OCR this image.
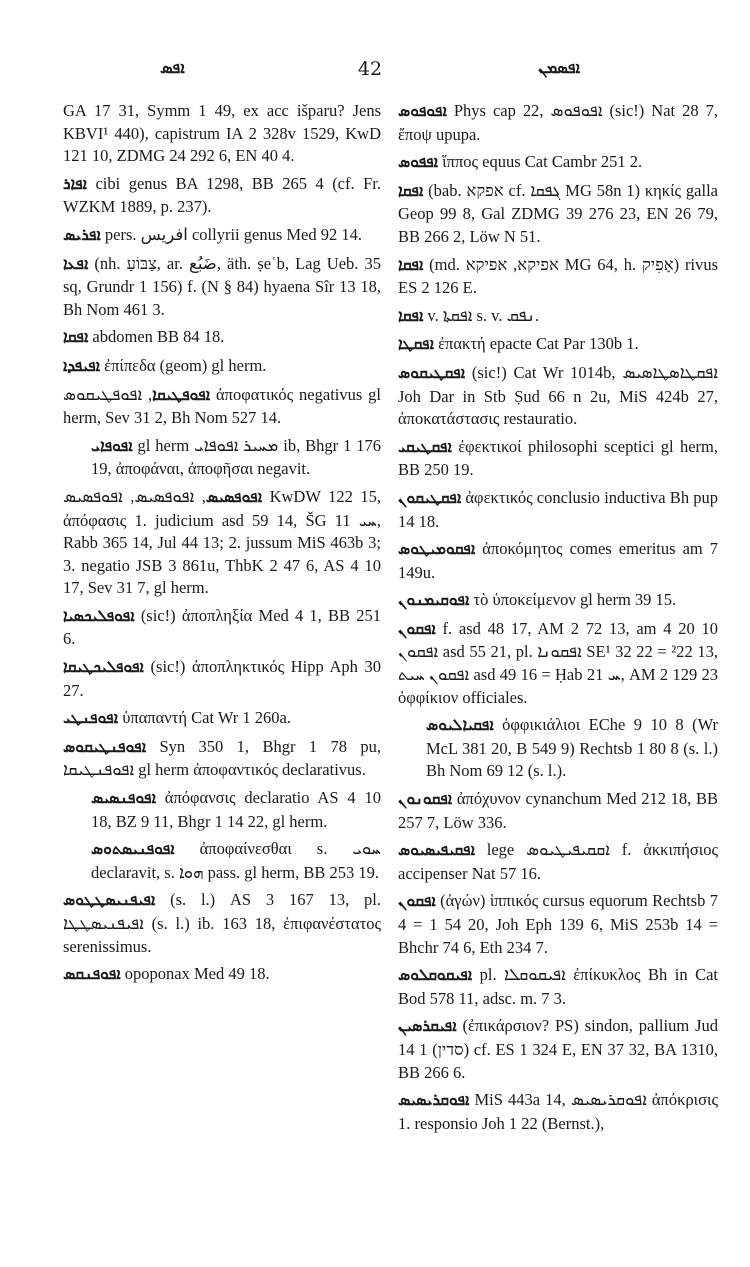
ܐܦܣ	42	ܐܦܣܡܢ

GA 17 31, Symm 1 49, ex acc išparu? Jens KBVI¹ 440), capistrum IA 2 328v 1529, KwD 121 10, ZDMG 24 292 6, EN 40 4.

ܐܦܐܪ cibi genus BA 1298, BB 265 4 (cf. Fr. WZKM 1889, p. 237).

ܐܦܪܝܣ pers. ﺍﻓﺮﻳﺲ collyrii genus Med 92 14.

ܐܦܥܐ (nh. צַבּוֹעַ, ar. ضَبُع, äth. ṣeʿb, Lag Ueb. 35 sq, Grundr 1 156) f. (N § 84) hyaena Sîr 13 18, Bh Nom 461 3.

ܐܦܩܐ abdomen BB 84 18.

ܐܦܝܦܕܐ ἐπίπεδα (geom) gl herm.

ܐܦܘܦܛܝܩܐ, ܐܦܘܦܛܝܩܘܣ ἀποφατικός negativus gl herm, Sev 31 2, Bh Nom 527 14.

ܐܦܘܦܐܝ gl herm ܡܚܝܪ ܐܦܘܦܐܝ ib, Bhgr 1 176 19, ἀποφάναι, ἀποφῆσαι negavit.

ܐܦܘܦܣܝܣ, ܐܦܘܦܣܝܣ, ܐܦܘܦܣܝܣ KwDW 122 15, ἀπόφασις 1. judicium asd 59 14, ŠG ܚܝ 11, Rabb 365 14, Jul 44 13; 2. jussum MiS 463b 3; 3. negatio JSB 3 861u, ThbK 2 47 6, AS 4 10 17, Sev 31 7, gl herm.

ܐܦܘܦܠܝܟܣܝܐ (sic!) ἀποπληξία Med 4 1, BB 251 6.

ܐܦܘܦܠܝܟܛܝܩܐ (sic!) ἀποπληκτικός Hipp Aph 30 27.

ܐܦܘܦܢܛܝ ὑπαπαντή Cat Wr 1 260a.

ܐܦܘܦܢܛܝܩܘܣ Syn 350 1, Bhgr 1 78 pu, ܐܦܘܦܢܛܝܩܐ gl herm ἀποφαντικός declarativus.

ܐܦܘܦܢܣܝܣ ἀπόφανσις declaratio AS 4 10 18, BZ 9 11, Bhgr 1 14 22, gl herm.

ܐܦܘܦܢܝܣܬܘܣ ἀποφαίνεσθαι s. ܚܘܝ declaravit, s. ܗܘܐ pass. gl herm, BB 253 19.

ܐܦܝܦܢܝܣܛܛܘܣ (s. l.) AS 3 167 13, pl. ܐܦܝܦܢܝܣܛܛܐ (s. l.) ib. 163 18, ἐπιφανέστατος serenissimus.

ܐܦܘܦܢܩܣ opoponax Med 49 18.

ܐܦܘܦܘܣ Phys cap 22, ܐܦܘܦܘܣ (sic!) Nat 28 7, ἔποψ upupa.

ܐܦܦܘܣ ἵππος equus Cat Cambr 251 2.

ܐܦܩܐ (bab. אפקא cf. ܓܦܩܐ MG 58n 1) κηκίς galla Geop 99 8, Gal ZDMG 39 276 23, EN 26 79, BB 266 2, Löw N 51.

ܐܦܩܐ (md. אפיקא, אפיקא MG 64, h. אָפִיק) rivus ES 2 126 E.

ܐܦܩܐ v. ܐܦܩܬܐ s. v. ܢܦܩ.

ܐܦܩܛܐ ἐπακτή epacte Cat Par 130b 1.

ܐܦܩܛܝܩܘܣ (sic!) Cat Wr 1014b, ܐܦܩܛܐܣܛܐܣܝܣ Joh Dar in Stb Ṣud 66 n 2u, MiS 424b 27, ἀποκατάστασις restauratio.

ܐܦܩܛܝܩܝ ἐφεκτικοί philosophi sceptici gl herm, BB 250 19.

ܐܦܩܛܝܩܘܢ ἀφεκτικός conclusio inductiva Bh pup 14 18.

ܐܦܩܘܡܝܛܘܣ ἀποκόμητος comes emeritus am 7 149u.

ܐܦܘܩܝܡܢܘܢ τὸ ὑποκείμενον gl herm 39 15.

ܐܦܩܘܢ f. asd 48 17, AM 2 72 13, am 4 20 10 ܐܦܩܘܢ asd 55 21, pl. ܐܦܩܘܢܐ SE¹ 32 22 = ²22 13, ܐܦܩܘܢ ܚܝܬ asd 49 16 = Ḥab ܚ 21, AM 2 129 23 ὀφφίκιον officiales.

ܐܦܩܝܐܠܝܘܣ ὀφφικιάλιοι EChe 9 10 8 (Wr McL 381 20, B 549 9) Rechtsb 1 80 8 (s. l.) Bh Nom 69 12 (s. l.).

ܐܦܩܘܢܘܢ ἀπόχυνον cynanchum Med 212 18, BB 257 7, Löw 336.

ܐܦܩܝܦܝܣܝܘܣ lege ܐܩܩܝܦܝܛܝܘܣ f. ἀκκιπήσιος accipenser Nat 57 16.

ܐܦܩܘܢ (ἀγών) ἱππικός cursus equorum Rechtsb 7 4 = 1 54 20, Joh Eph 139 6, MiS 253b 14 = Bhchr 74 6, Eth 234 7.

ܐܦܝܩܘܩܠܘܣ pl. ܐܦܝܩܘܩܠܐ ἐπίκυκλος Bh in Cat Bod 578 11, adsc. m. 7 3.

ܐܦܝܩܪܣܝܢ (ἐπικάρσιον? PS) sindon, pallium Jud 14 1 (סדין) cf. ES 1 324 E, EN 37 32, BA 1310, BB 266 6.

ܐܦܘܩܪܝܣܝܣ MiS 443a 14, ܐܦܘܩܪܝܣܝܣ ἀπόκρισις 1. responsio Joh 1 22 (Bernst.),
